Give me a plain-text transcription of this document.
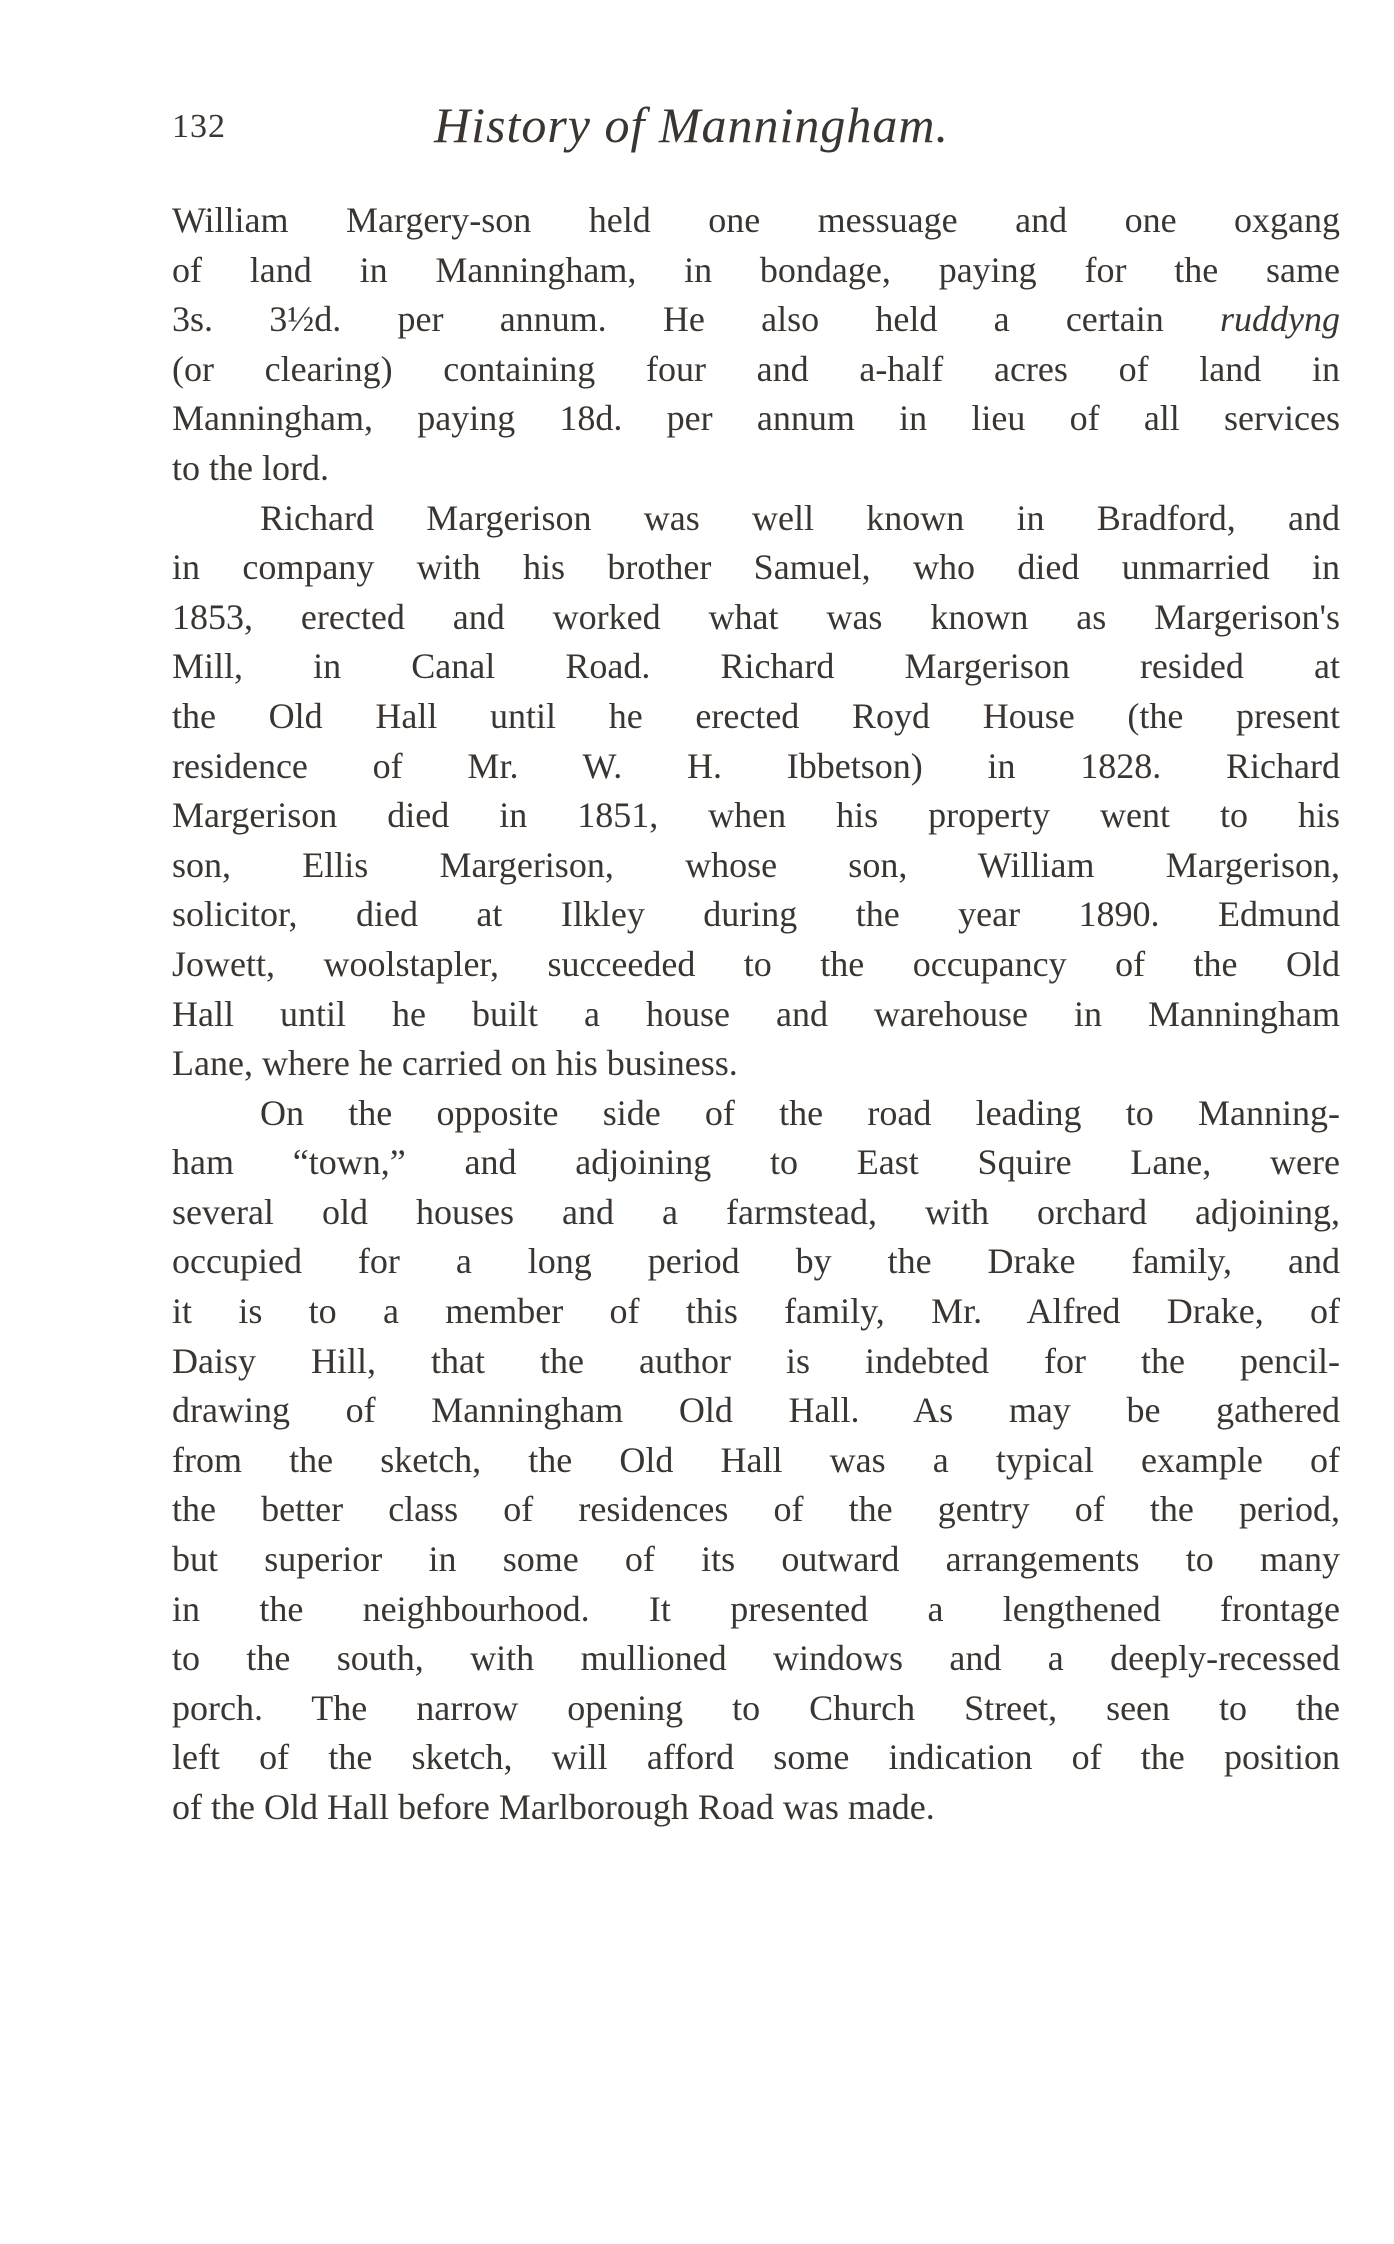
132	History of Manningham.
William Margery-son held one messuage and one oxgang
of land in Manningham, in bondage, paying for the same
3s. 3½d. per annum. He also held a certain ruddyng
(or clearing) containing four and a-half acres of land in
Manningham, paying 18d. per annum in lieu of all services
to the lord.
Richard Margerison was well known in Bradford, and
in company with his brother Samuel, who died unmarried in
1853, erected and worked what was known as Margerison's
Mill, in Canal Road. Richard Margerison resided at
the Old Hall until he erected Royd House (the present
residence of Mr. W. H. Ibbetson) in 1828. Richard
Margerison died in 1851, when his property went to his
son, Ellis Margerison, whose son, William Margerison,
solicitor, died at Ilkley during the year 1890. Edmund
Jowett, woolstapler, succeeded to the occupancy of the Old
Hall until he built a house and warehouse in Manningham
Lane, where he carried on his business.
On the opposite side of the road leading to Manning-
ham “town,” and adjoining to East Squire Lane, were
several old houses and a farmstead, with orchard adjoining,
occupied for a long period by the Drake family, and
it is to a member of this family, Mr. Alfred Drake, of
Daisy Hill, that the author is indebted for the pencil-
drawing of Manningham Old Hall. As may be gathered
from the sketch, the Old Hall was a typical example of
the better class of residences of the gentry of the period,
but superior in some of its outward arrangements to many
in the neighbourhood. It presented a lengthened frontage
to the south, with mullioned windows and a deeply-recessed
porch. The narrow opening to Church Street, seen to the
left of the sketch, will afford some indication of the position
of the Old Hall before Marlborough Road was made.
